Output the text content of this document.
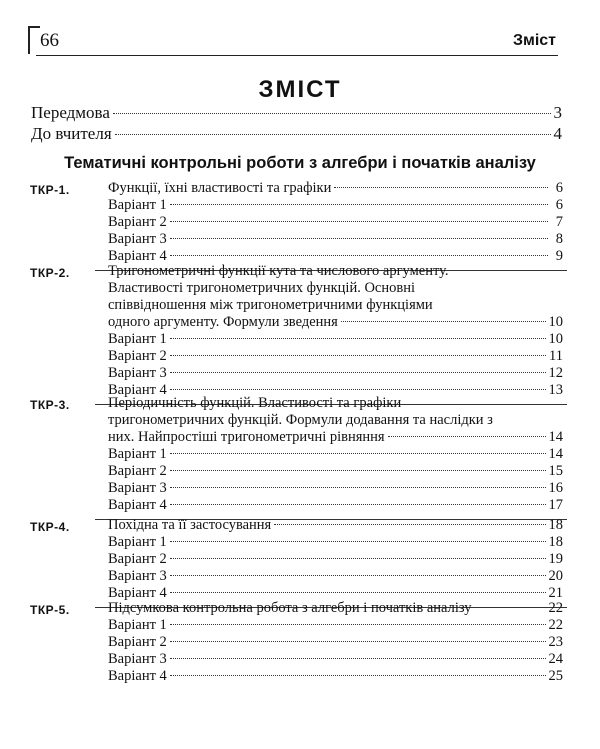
66	Зміст
ЗМІСТ
Передмова	3
До вчителя	4
Тематичні контрольні роботи з алгебри і початків аналізу
ТКР-1.	Функції, їхні властивості та графіки	6
Варіант 1	6
Варіант 2	7
Варіант 3	8
Варіант 4	9
ТКР-2.	Тригонометричні функції кута та числового аргументу.
Властивості тригонометричних функцій. Основні
співвідношення між тригонометричними функціями
одного аргументу. Формули зведення	10
Варіант 1	10
Варіант 2	11
Варіант 3	12
Варіант 4	13
ТКР-3.	Періодичність функцій. Властивості та графіки
тригонометричних функцій. Формули додавання та наслідки з
них. Найпростіші тригонометричні рівняння	14
Варіант 1	14
Варіант 2	15
Варіант 3	16
Варіант 4	17
ТКР-4.	Похідна та її застосування	18
Варіант 1	18
Варіант 2	19
Варіант 3	20
Варіант 4	21
ТКР-5.	Підсумкова контрольна робота з алгебри і початків аналізу	22
Варіант 1	22
Варіант 2	23
Варіант 3	24
Варіант 4	25
